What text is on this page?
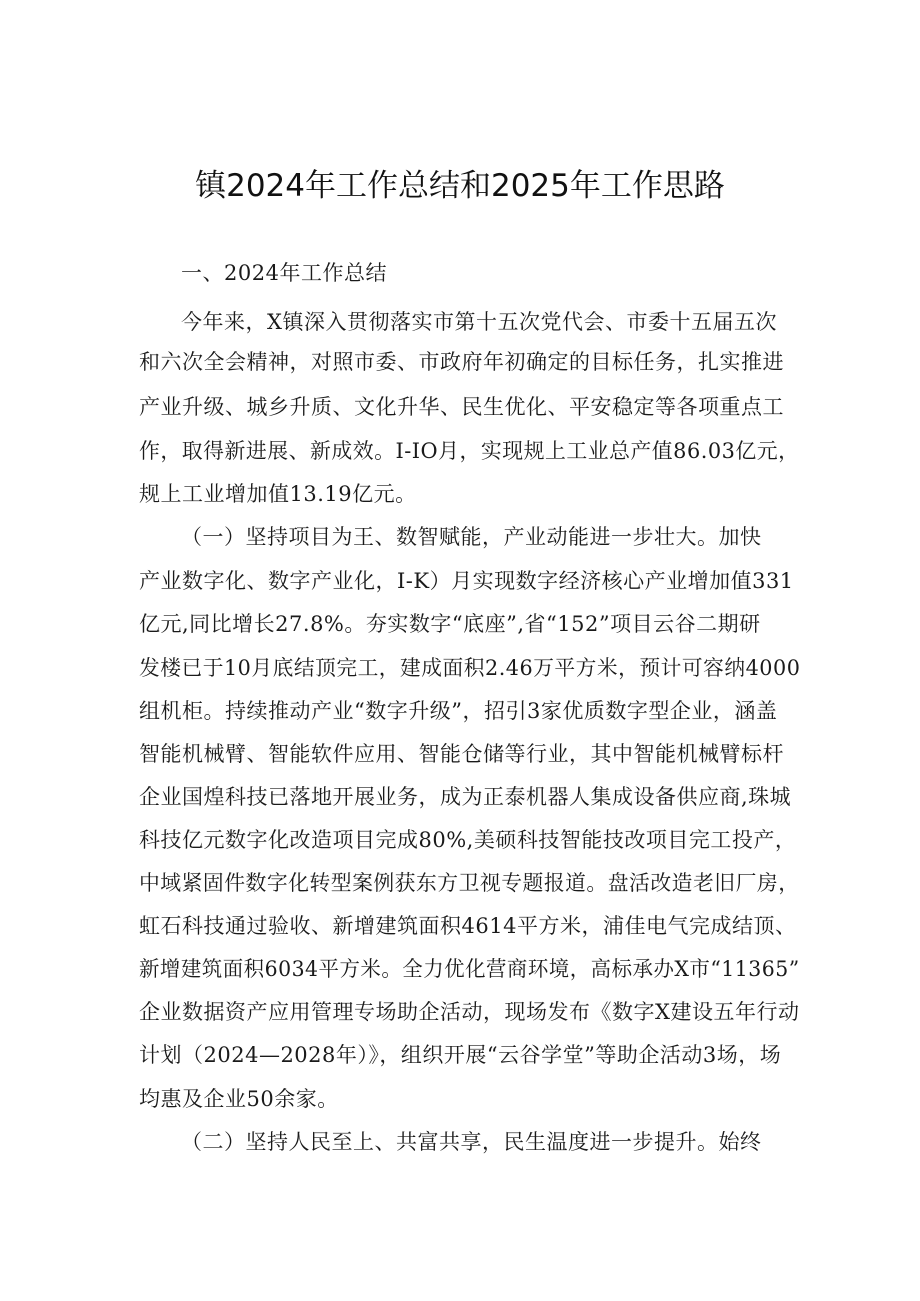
镇2024年工作总结和2025年工作思路
一、2024年工作总结
今年来，X镇深入贯彻落实市第十五次党代会、市委十五届五次
和六次全会精神，对照市委、市政府年初确定的目标任务，扎实推进
产业升级、城乡升质、文化升华、民生优化、平安稳定等各项重点工
作，取得新进展、新成效。I-IO月，实现规上工业总产值86.03亿元，
规上工业增加值13.19亿元。
（一）坚持项目为王、数智赋能，产业动能进一步壮大。加快
产业数字化、数字产业化，I-K）月实现数字经济核心产业增加值331
亿元,同比增长27.8%。夯实数字“底座”,省“152”项目云谷二期研
发楼已于10月底结顶完工，建成面积2.46万平方米，预计可容纳4000
组机柜。持续推动产业“数字升级”，招引3家优质数字型企业，涵盖
智能机械臂、智能软件应用、智能仓储等行业，其中智能机械臂标杆
企业国煌科技已落地开展业务，成为正泰机器人集成设备供应商,珠城
科技亿元数字化改造项目完成80%,美硕科技智能技改项目完工投产，
中域紧固件数字化转型案例获东方卫视专题报道。盘活改造老旧厂房，
虹石科技通过验收、新增建筑面积4614平方米，浦佳电气完成结顶、
新增建筑面积6034平方米。全力优化营商环境，高标承办X市“11365”
企业数据资产应用管理专场助企活动，现场发布《数字X建设五年行动
计划（2024—2028年）》，组织开展“云谷学堂”等助企活动3场，场
均惠及企业50余家。
（二）坚持人民至上、共富共享，民生温度进一步提升。始终
